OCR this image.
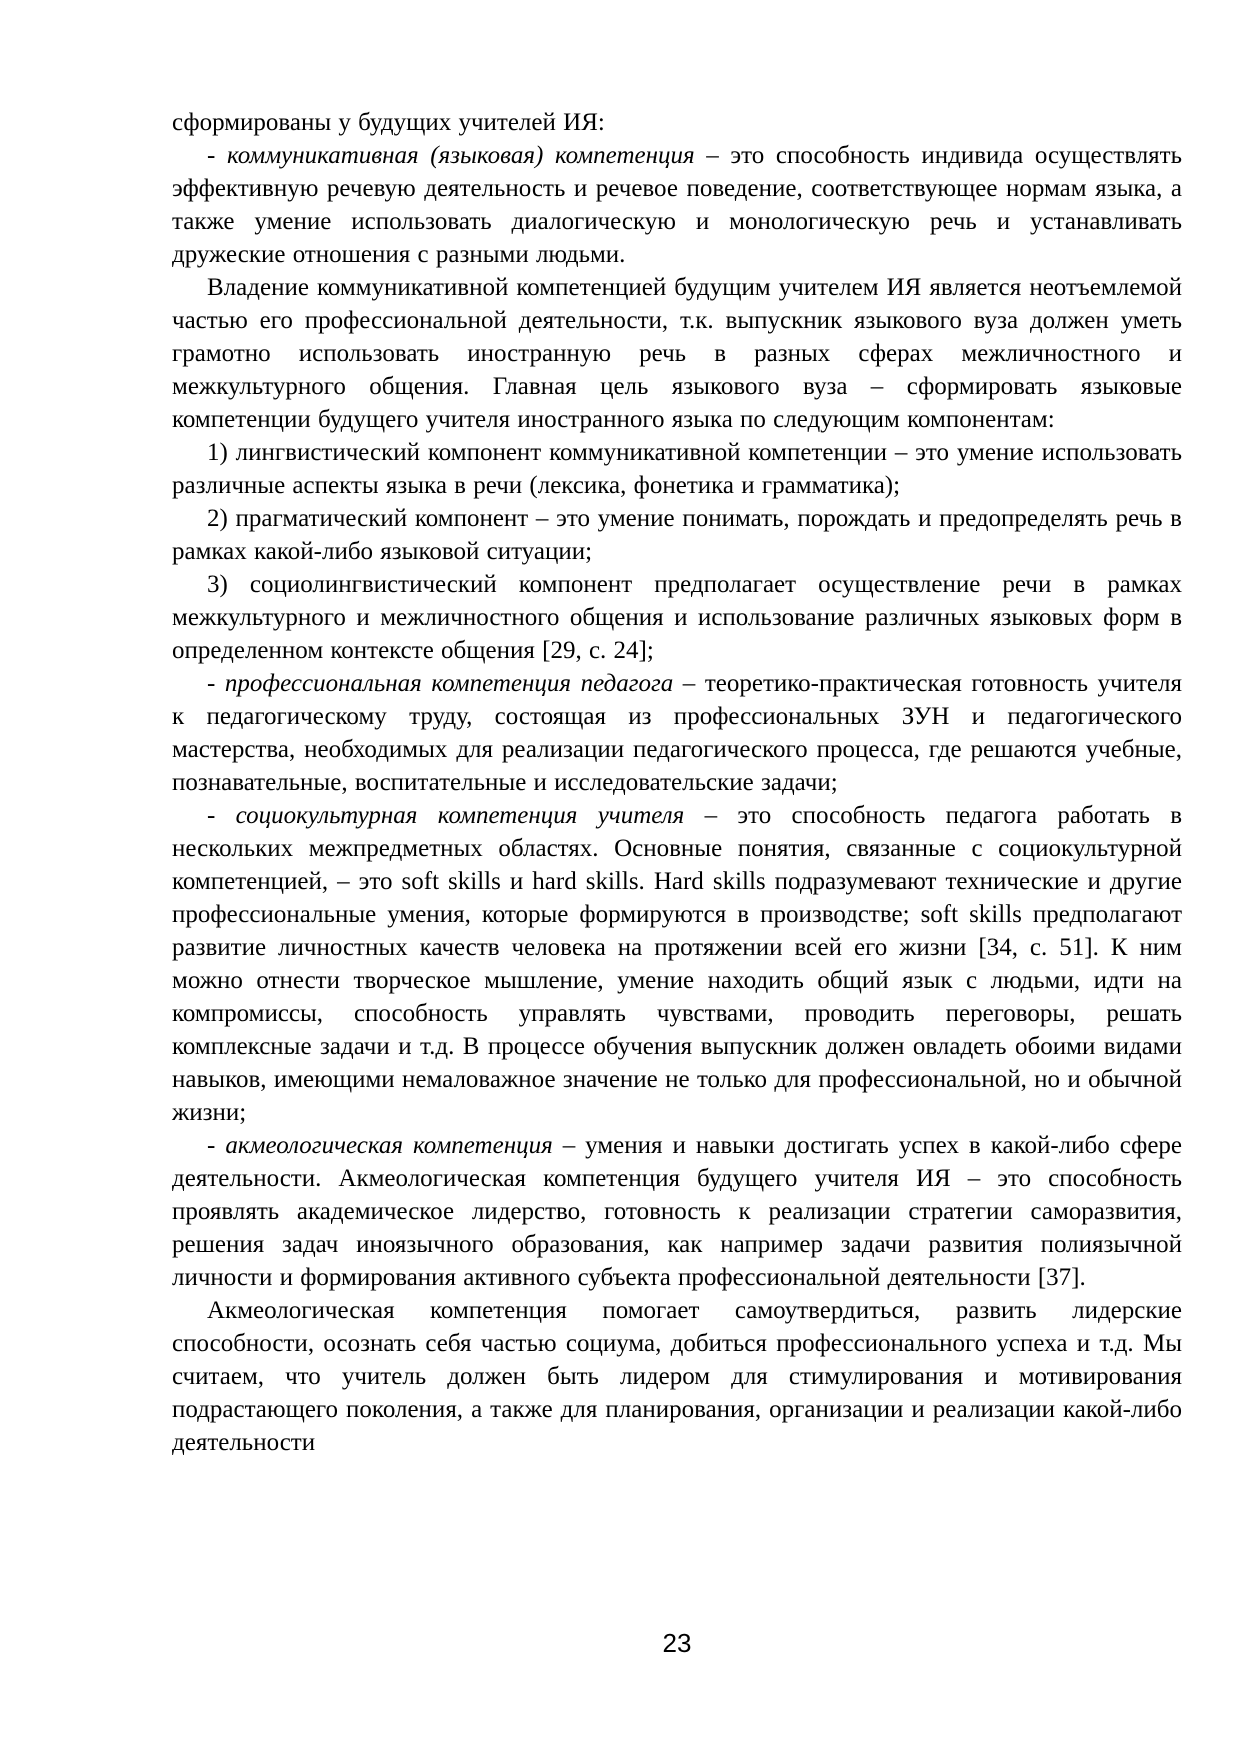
сформированы у будущих учителей ИЯ:

- коммуникативная (языковая) компетенция – это способность индивида осуществлять эффективную речевую деятельность и речевое поведение, соответствующее нормам языка, а также умение использовать диалогическую и монологическую речь и устанавливать дружеские отношения с разными людьми.

Владение коммуникативной компетенцией будущим учителем ИЯ является неотъемлемой частью его профессиональной деятельности, т.к. выпускник языкового вуза должен уметь грамотно использовать иностранную речь в разных сферах межличностного и межкультурного общения. Главная цель языкового вуза – сформировать языковые компетенции будущего учителя иностранного языка по следующим компонентам:

1) лингвистический компонент коммуникативной компетенции – это умение использовать различные аспекты языка в речи (лексика, фонетика и грамматика);

2) прагматический компонент – это умение понимать, порождать и предопределять речь в рамках какой-либо языковой ситуации;

3) социолингвистический компонент предполагает осуществление речи в рамках межкультурного и межличностного общения и использование различных языковых форм в определенном контексте общения [29, с. 24];

- профессиональная компетенция педагога – теоретико-практическая готовность учителя к педагогическому труду, состоящая из профессиональных ЗУН и педагогического мастерства, необходимых для реализации педагогического процесса, где решаются учебные, познавательные, воспитательные и исследовательские задачи;

- социокультурная компетенция учителя – это способность педагога работать в нескольких межпредметных областях. Основные понятия, связанные с социокультурной компетенцией, – это soft skills и hard skills. Hard skills подразумевают технические и другие профессиональные умения, которые формируются в производстве; soft skills предполагают развитие личностных качеств человека на протяжении всей его жизни [34, с. 51]. К ним можно отнести творческое мышление, умение находить общий язык с людьми, идти на компромиссы, способность управлять чувствами, проводить переговоры, решать комплексные задачи и т.д. В процессе обучения выпускник должен овладеть обоими видами навыков, имеющими немаловажное значение не только для профессиональной, но и обычной жизни;

- акмеологическая компетенция – умения и навыки достигать успех в какой-либо сфере деятельности. Акмеологическая компетенция будущего учителя ИЯ – это способность проявлять академическое лидерство, готовность к реализации стратегии саморазвития, решения задач иноязычного образования, как например задачи развития полиязычной личности и формирования активного субъекта профессиональной деятельности [37].

Акмеологическая компетенция помогает самоутвердиться, развить лидерские способности, осознать себя частью социума, добиться профессионального успеха и т.д. Мы считаем, что учитель должен быть лидером для стимулирования и мотивирования подрастающего поколения, а также для планирования, организации и реализации какой-либо деятельности

23
